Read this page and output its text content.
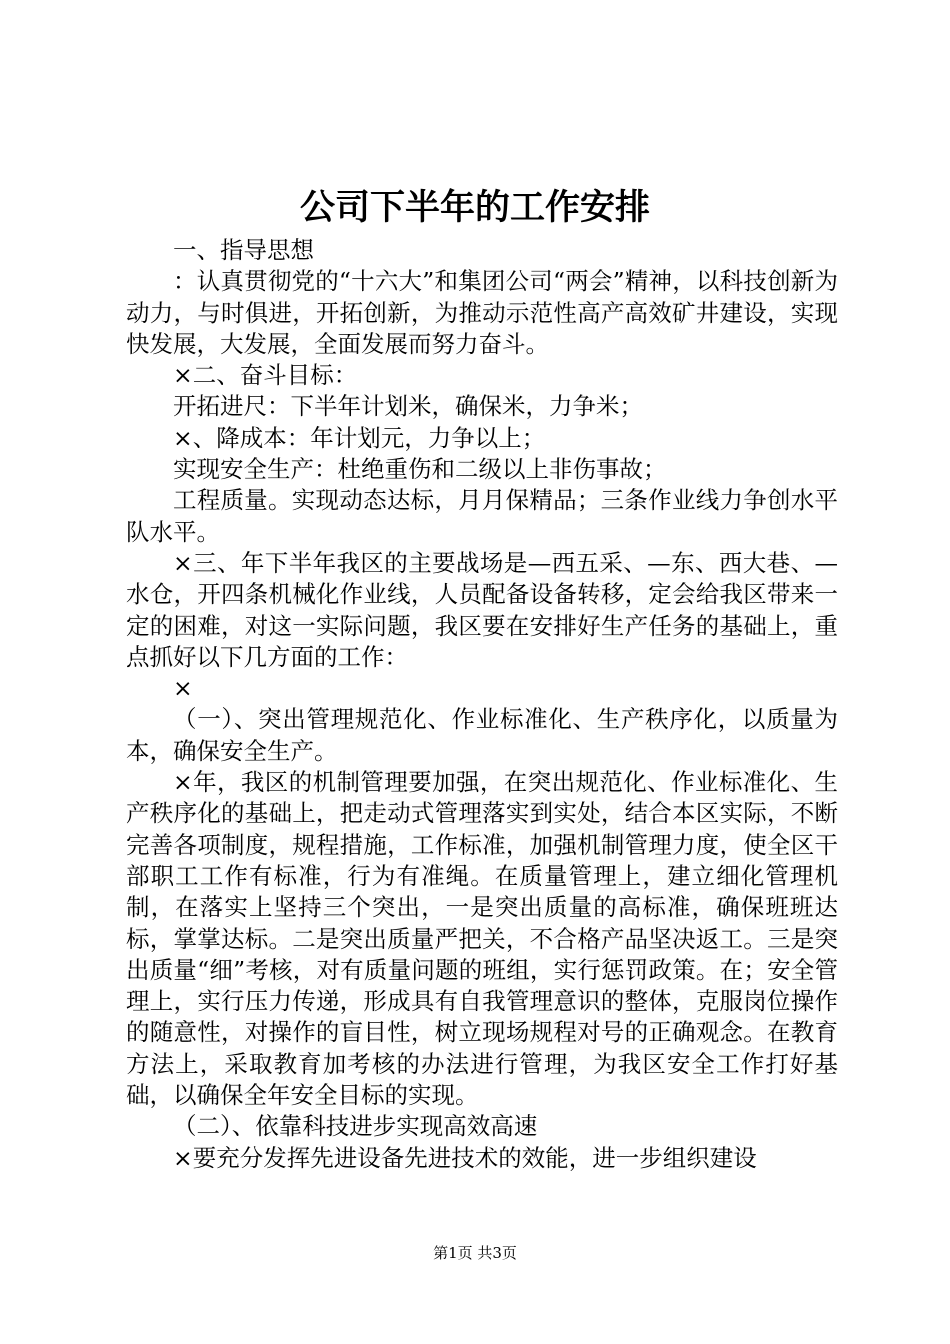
公司下半年的工作安排

一、指导思想

：认真贯彻党的“十六大”和集团公司“两会”精神，以科技创新为动力，与时俱进，开拓创新，为推动示范性高产高效矿井建设，实现快发展，大发展，全面发展而努力奋斗。

×二、奋斗目标：

开拓进尺：下半年计划米，确保米，力争米；

×、降成本：年计划元，力争以上；

实现安全生产：杜绝重伤和二级以上非伤事故；

工程质量。实现动态达标，月月保精品；三条作业线力争创水平队水平。

×三、年下半年我区的主要战场是—西五采、—东、西大巷、—水仓，开四条机械化作业线，人员配备设备转移，定会给我区带来一定的困难，对这一实际问题，我区要在安排好生产任务的基础上，重点抓好以下几方面的工作：

×

（一）、突出管理规范化、作业标准化、生产秩序化，以质量为本，确保安全生产。

×年，我区的机制管理要加强，在突出规范化、作业标准化、生产秩序化的基础上，把走动式管理落实到实处，结合本区实际，不断完善各项制度，规程措施，工作标准，加强机制管理力度，使全区干部职工工作有标准，行为有准绳。在质量管理上，建立细化管理机制，在落实上坚持三个突出，一是突出质量的高标准，确保班班达标，掌掌达标。二是突出质量严把关，不合格产品坚决返工。三是突出质量“细”考核，对有质量问题的班组，实行惩罚政策。在；安全管理上，实行压力传递，形成具有自我管理意识的整体，克服岗位操作的随意性，对操作的盲目性，树立现场规程对号的正确观念。在教育方法上，采取教育加考核的办法进行管理，为我区安全工作打好基础，以确保全年安全目标的实现。

（二）、依靠科技进步实现高效高速

×要充分发挥先进设备先进技术的效能，进一步组织建设

第1页 共3页
